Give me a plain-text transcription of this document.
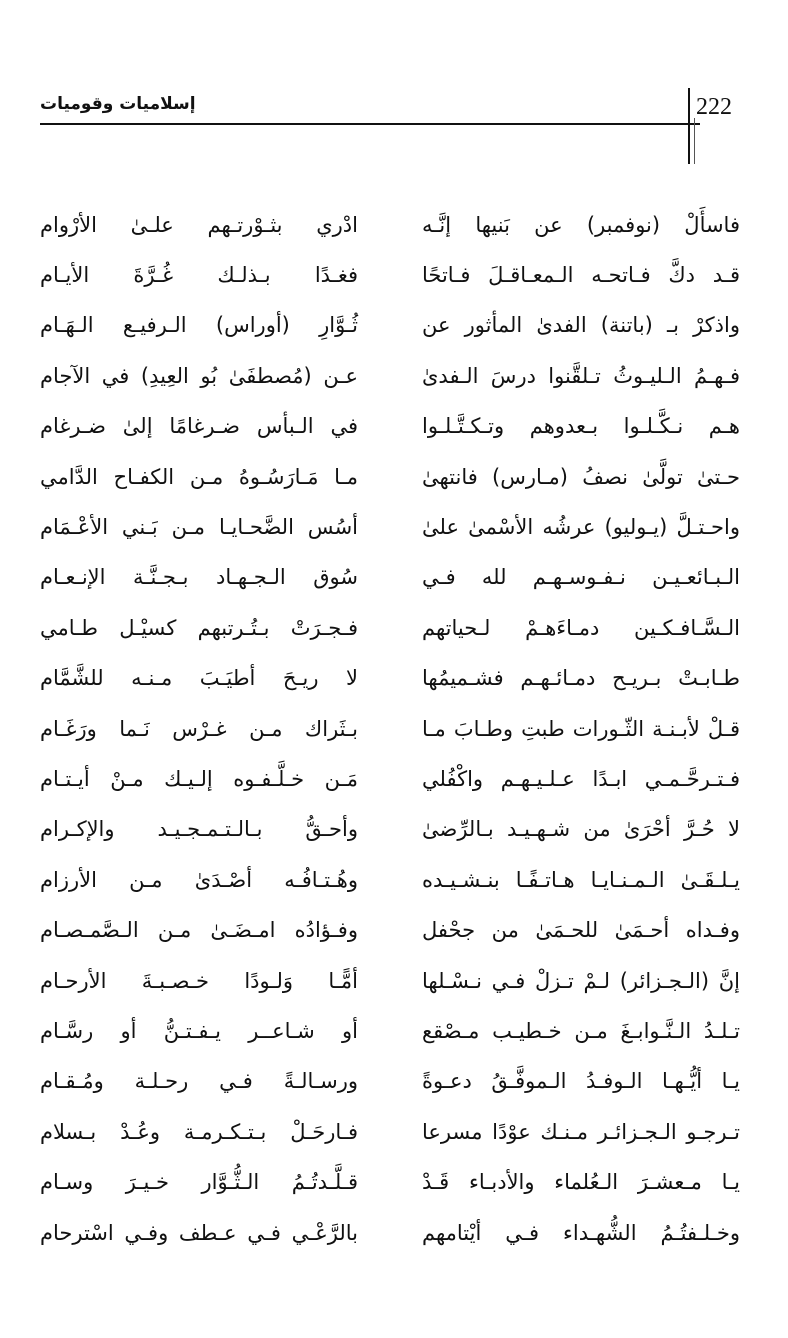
إسلاميات وقوميات	222
فاسأَلْ (نوفمبر) عن بَنيها إنَّـه
ادْري بثـوْرتـهم علـىٰ الأرْوام
قـد دكَّ فـاتحـه الـمعـاقـلَ فـاتحًا
فغـدًا بـذلـك غُـرَّةَ الأيـام
واذكرْ بـ (باتنة) الفدیٰ المأثور عن
ثُـوَّارِ (أوراس) الـرفيـع الـهَـام
فـهـمُ الـليـوثُ تـلقَّنوا درسَ الـفدیٰ
عـن (مُصطفَیٰ بُو العِيدِ) في الآجام
هـم نـكَّـلـوا بـعدوهم وتـكـتَّـلـوا
في الـبأس ضـرغامًا إلیٰ ضـرغام
حـتیٰ تولَّیٰ نصفُ (مـارس) فانتهیٰ
مـا مَـارَسُـوهُ مـن الكفـاح الدَّامي
واحـتـلَّ (يـوليو) عرشُه الأسْمیٰ علیٰ
أسُس الضَّحـايـا مـن بَـني الأعْـمَام
الـبـائعـيـن نـفـوسـهـم لله فـي
سُوق الـجـهـاد بـجـنَّـة الإنـعـام
الـسَّـافـكـين دمـاءَهـمْ لـحياتهم
فـجـرَتْ بـتُـرتبهم كسيْـل طـامي
طـابـتْ بـريـح دمـائـهـم فشـميمُها
لا ريـحَ أطيَـبَ مـنـه للشَّمَّام
قـلْ لأبـنـة الثّـورات طبتِ وطـابَ مـا
بـثَراك مـن غـرْس نَـما ورَغَـام
فـتـرحَّـمـي ابـدًا عـلـيـهـم واكْفُلي
مَـن خـلَّـفـوه إلـيـك مـنْ أيـتـام
لا حُـرَّ أحْرَیٰ من شـهـيـد بـالرِّضیٰ
وأحـقُّ بـالـتـمـجـيـد والإكـرام
يـلـقَـیٰ الـمـنـايـا هـاتـفًـا بنـشـيـده
وهُـتـافُـه أصْـدَیٰ مـن الأرزام
وفـداه أحـمَیٰ للحـمَیٰ من جحْفل
وفـؤادُه امـضَـیٰ مـن الـصَّمـصـام
إنَّ (الـجـزائر) لـمْ تـزلْ فـي نـسْـلها
أمًّـا وَلـودًا خـصـبـةَ الأرحـام
تـلـدُ الـنَّـوابـغَ مـن خـطيـب مـصْقع
أو شـاعــر يـفـتـنُّ أو رسَّـام
يـا أيُّـهـا الـوفـدُ الـموفَّـقُ دعـوةً
ورسـالـةً فـي رحـلـة ومُـقـام
تـرجـو الـجـزائـر مـنـك عوْدًا مسرعا
فـارحَـلْ بـتـكـرمـة وعُـدْ بـسلام
يـا مـعشـرَ الـعُلماء والأدبـاء قَـدْ
قـلَّـدتُـمُ الـثُّـوَّار خـيـرَ وسـام
وخـلـفتُـمُ الشُّهـداء فـي أيْتامهم
بالرَّعْـي فـي عـطف وفـي اسْترحام
